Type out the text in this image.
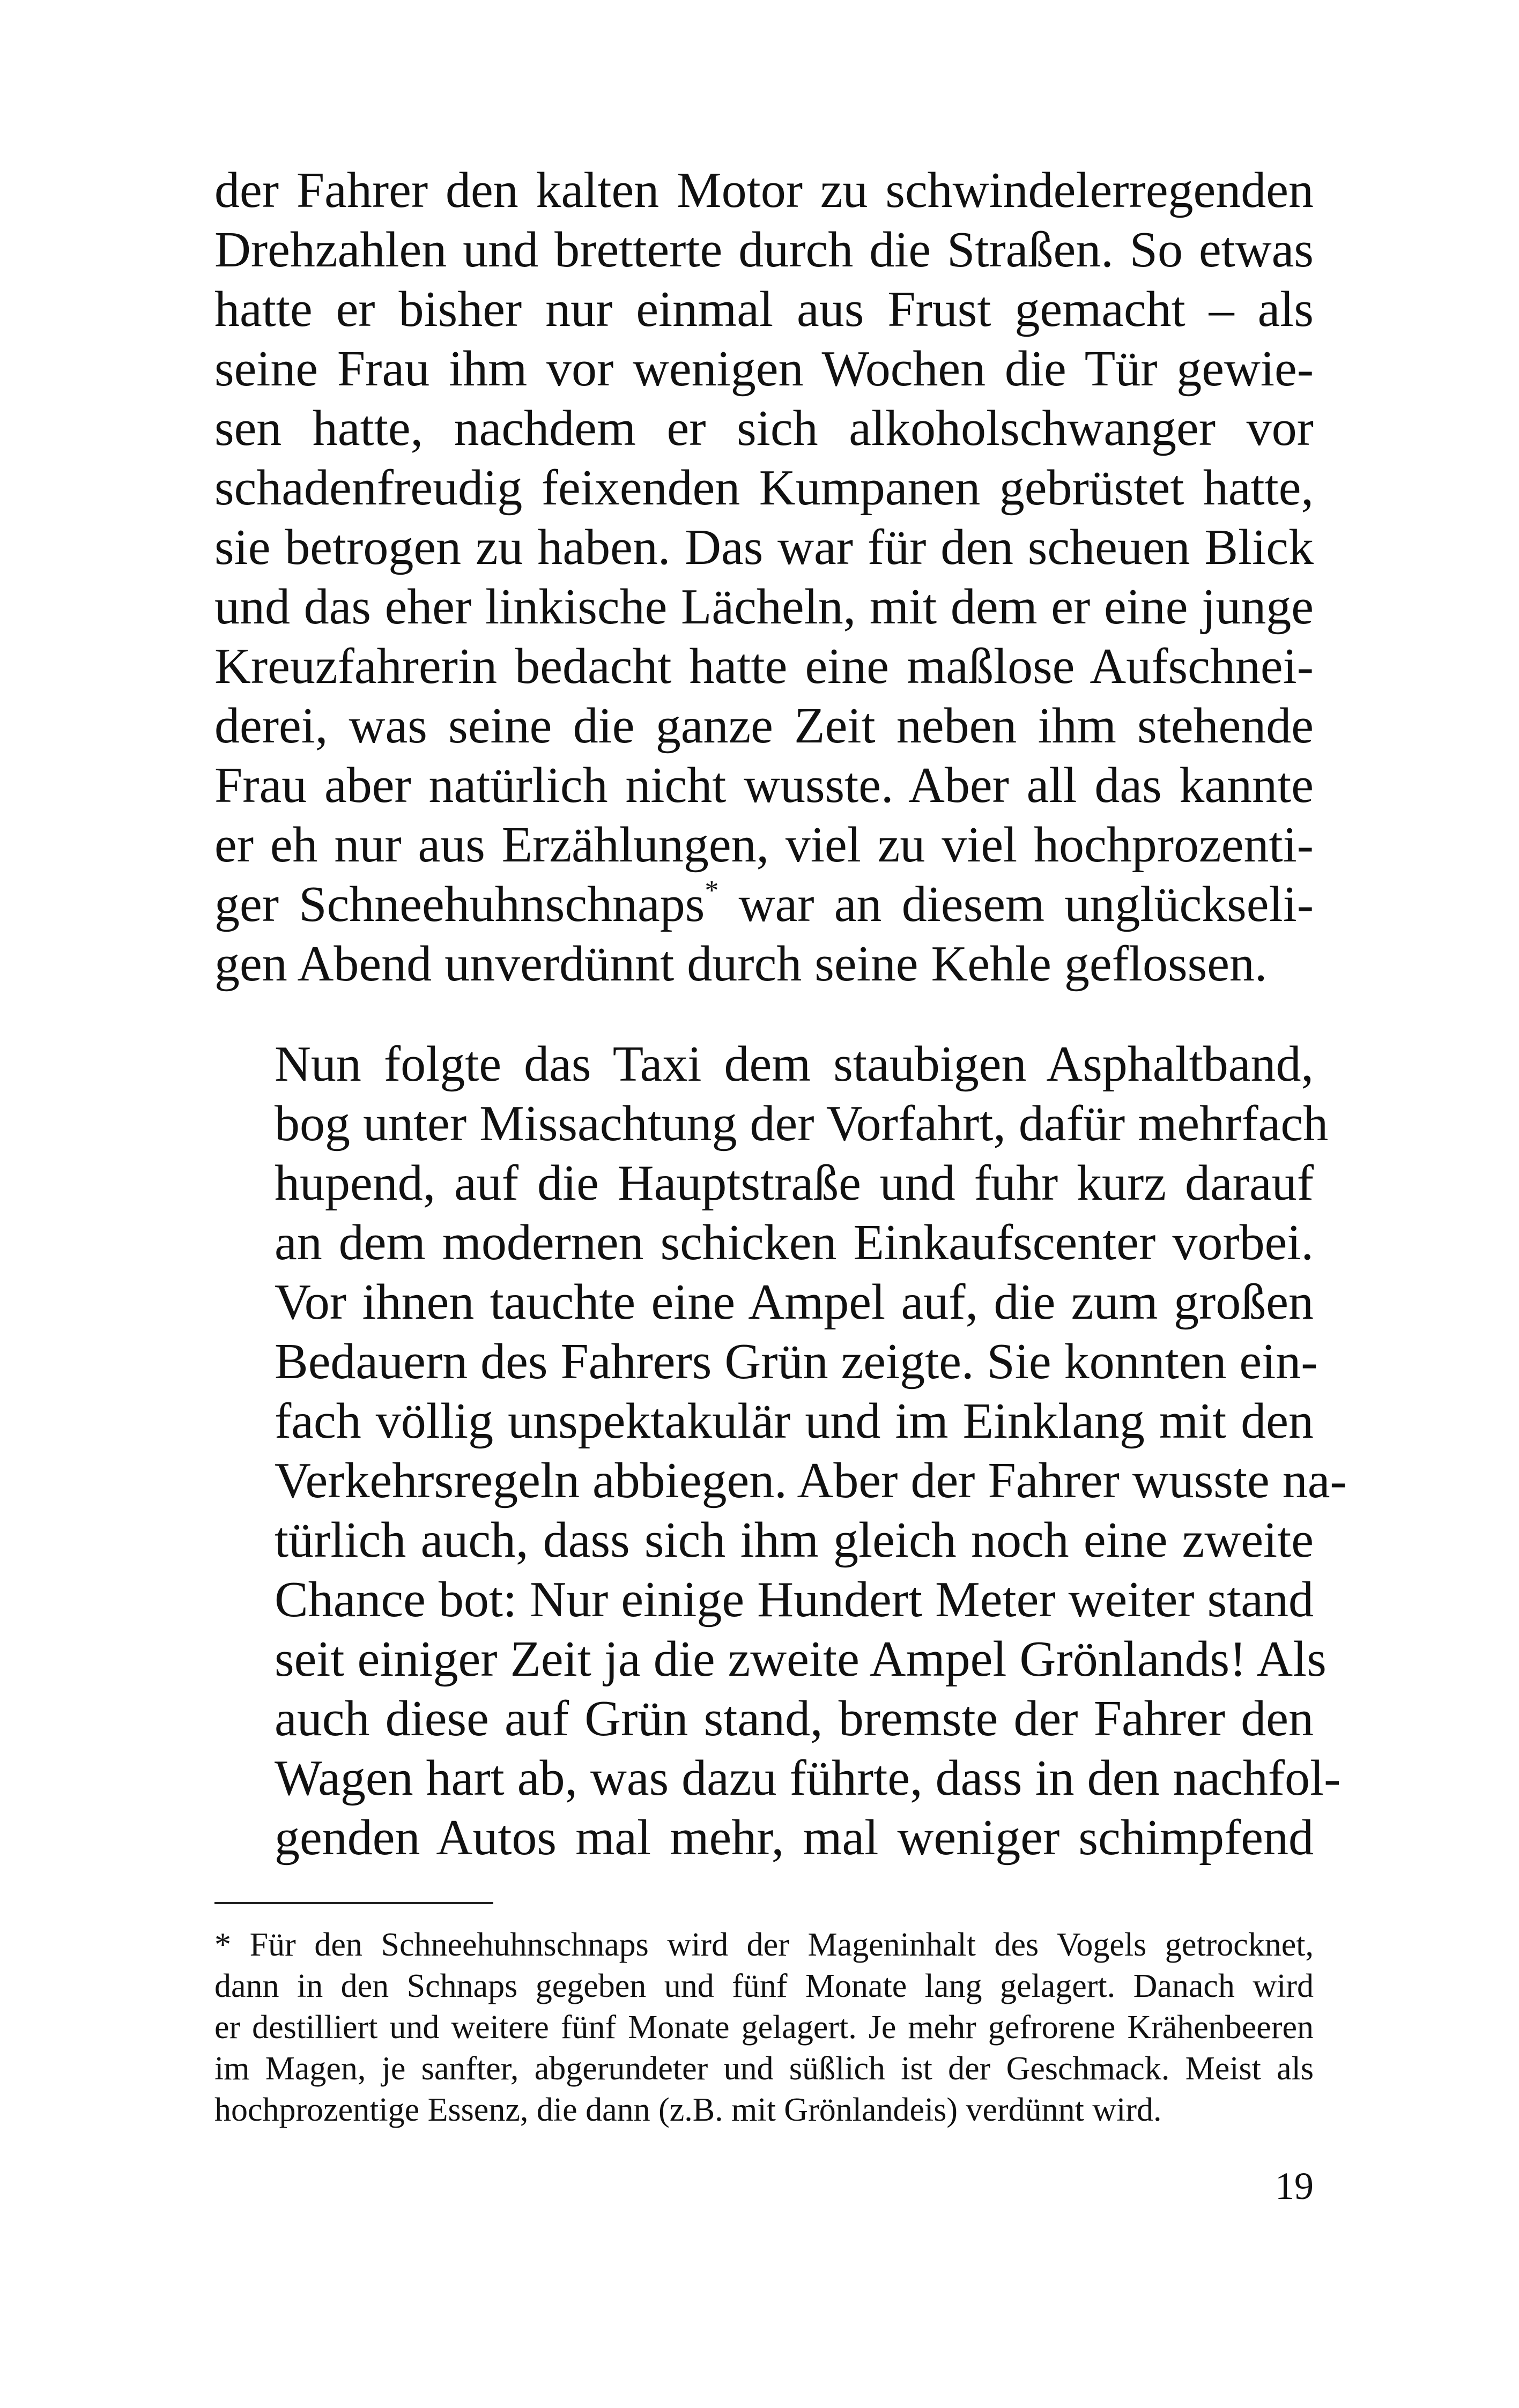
der Fahrer den kalten Motor zu schwindelerregenden
Drehzahlen und bretterte durch die Straßen. So etwas
hatte er bisher nur einmal aus Frust gemacht – als
seine Frau ihm vor wenigen Wochen die Tür gewie-
sen hatte, nachdem er sich alkoholschwanger vor
schadenfreudig feixenden Kumpanen gebrüstet hatte,
sie betrogen zu haben. Das war für den scheuen Blick
und das eher linkische Lächeln, mit dem er eine junge
Kreuzfahrerin bedacht hatte eine maßlose Aufschnei-
derei, was seine die ganze Zeit neben ihm stehende
Frau aber natürlich nicht wusste. Aber all das kannte
er eh nur aus Erzählungen, viel zu viel hochprozenti-
ger Schneehuhnschnaps* war an diesem unglückseli-
gen Abend unverdünnt durch seine Kehle geflossen.
Nun folgte das Taxi dem staubigen Asphaltband,
bog unter Missachtung der Vorfahrt, dafür mehrfach
hupend, auf die Hauptstraße und fuhr kurz darauf
an dem modernen schicken Einkaufscenter vorbei.
Vor ihnen tauchte eine Ampel auf, die zum großen
Bedauern des Fahrers Grün zeigte. Sie konnten ein-
fach völlig unspektakulär und im Einklang mit den
Verkehrsregeln abbiegen. Aber der Fahrer wusste na-
türlich auch, dass sich ihm gleich noch eine zweite
Chance bot: Nur einige Hundert Meter weiter stand
seit einiger Zeit ja die zweite Ampel Grönlands! Als
auch diese auf Grün stand, bremste der Fahrer den
Wagen hart ab, was dazu führte, dass in den nachfol-
genden Autos mal mehr, mal weniger schimpfend
* Für den Schneehuhnschnaps wird der Mageninhalt des Vogels getrocknet,
dann in den Schnaps gegeben und fünf Monate lang gelagert. Danach wird
er destilliert und weitere fünf Monate gelagert. Je mehr gefrorene Krähenbeeren
im Magen, je sanfter, abgerundeter und süßlich ist der Geschmack. Meist als
hochprozentige Essenz, die dann (z.B. mit Grönlandeis) verdünnt wird.
19
